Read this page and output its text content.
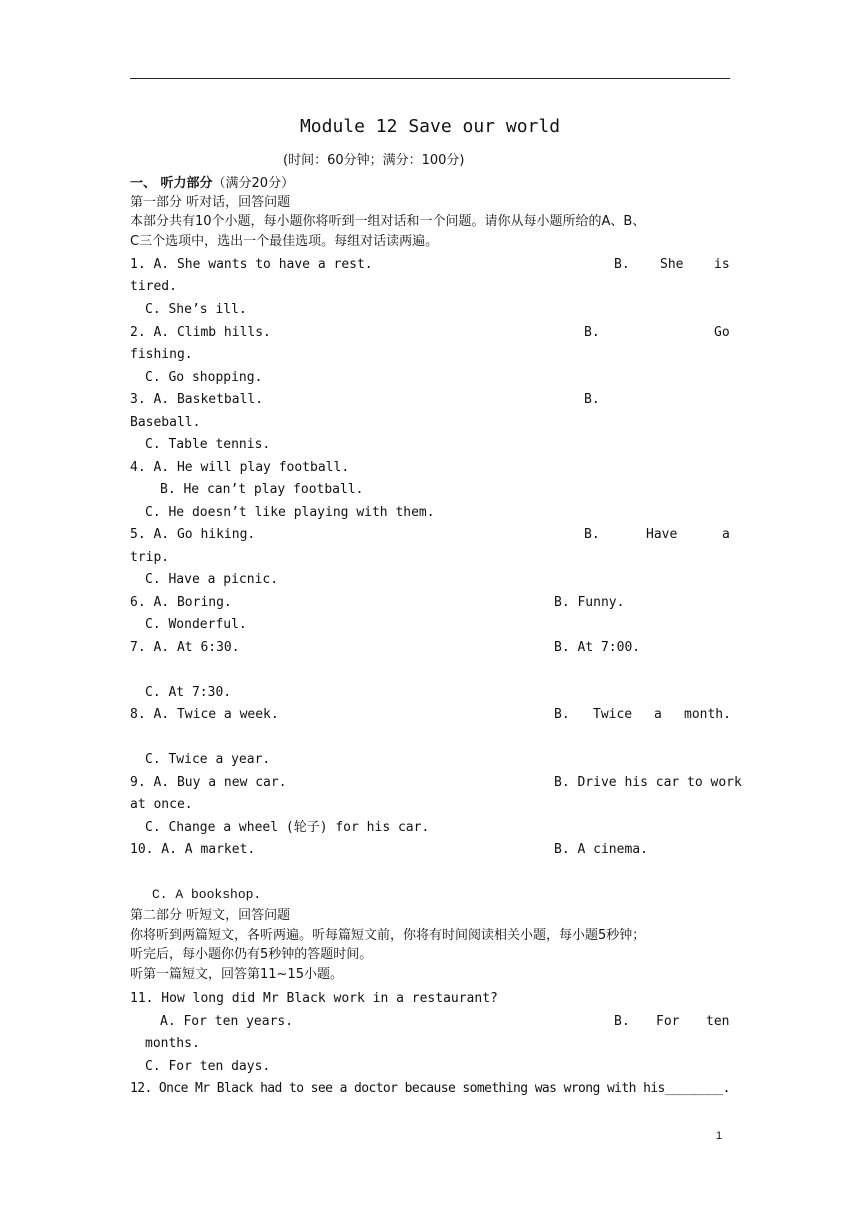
Module 12 Save our world
(时间：60分钟；满分：100分)
一、 听力部分（满分20分）
第一部分 听对话，回答问题
本部分共有10个小题，每小题你将听到一组对话和一个问题。请你从每小题所给的A、B、
C三个选项中，选出一个最佳选项。每组对话读两遍。
1. A. She wants to have a rest.	B. She is
tired.
C. She’s ill.
2. A. Climb hills.	B.	Go
fishing.
C. Go shopping.
3. A. Basketball.	B.
Baseball.
C. Table tennis.
4. A. He will play football.
B. He can’t play football.
C. He doesn’t like playing with them.
5. A. Go hiking.	B.	Have	a
trip.
C. Have a picnic.
6. A. Boring.	B. Funny.
C. Wonderful.
7. A. At 6:30.	B. At 7:00.
C. At 7:30.
8. A. Twice a week.	B. Twice a month.
C. Twice a year.
9. A. Buy a new car.	B. Drive his car to work
at once.
C. Change a wheel (轮子) for his car.
10. A. A market.	B. A cinema.
C. A bookshop.
第二部分 听短文，回答问题
你将听到两篇短文，各听两遍。听每篇短文前，你将有时间阅读相关小题，每小题5秒钟；
听完后，每小题你仍有5秒钟的答题时间。
听第一篇短文，回答第11~15小题。
11. How long did Mr Black work in a restaurant?
A. For ten years.	B. For ten
months.
C. For ten days.
12. Once Mr Black had to see a doctor because something was wrong with his________.
1
